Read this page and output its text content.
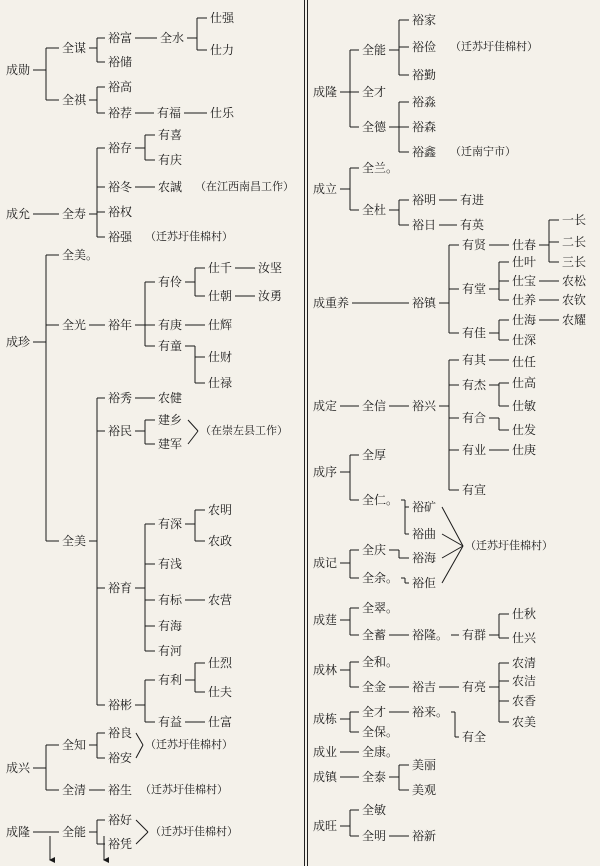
成勋
全谋
裕富 全水
仕强
仕力
裕储
全祺
裕高
裕荐 有福 仕乐
成允	全寿
裕存
有喜
有庆
裕冬 农誠 （在江西南昌工作）
裕权
裕强 （迁苏圩佳棉村）
成珍
全美。
全光 裕年
有伶
仕千 汝坚
仕朝 汝勇
有庚 仕辉
有童
仕财
仕禄
裕秀 农健
裕民
建乡
建军
（在崇左县工作）
全美
有深
农明
农政
有浅
裕育
有标 农营
有海
有河
有利
仕烈
仕夫
裕彬
有益 仕富
成兴
全知
裕良
裕安
（迁苏圩佳棉村）
全清 裕生 （迁苏圩佳棉村）
成隆	全能
裕好
裕凭
（迁苏圩佳棉村）
成隆
全能
裕家
裕俭 （迁苏圩佳棉村）
裕勤
全才
全德
裕淼
裕森
裕鑫 （迁南宁市）
成立
全兰。
全杜
裕明 有进
裕日 有英
成重养	裕镇
有贤 仕春
一长
二长
三长
仕叶
有堂
仕宝 农松
仕养 农钦
仕海 农耀
有佳 仕深
成定 全信 裕兴
有其 仕任
有杰 仕高
仕敏
有合
仕发
有业 仕庚
有宣
成序
全厚
全仁。
成记
裕矿
裕曲
全庆
裕海
全余。 裕佢
（迁苏圩佳棉村）
成莛
全翠。
全蓄 裕隆。 有群
仕秋
仕兴
成林
全和。
全金 裕吉 有亮
农清
农洁
农香
农美
成栋 全才 裕来。
全保。	有全
成业 全康。
成镇 全泰
美丽
美观
成旺
全敏
全明 裕新
